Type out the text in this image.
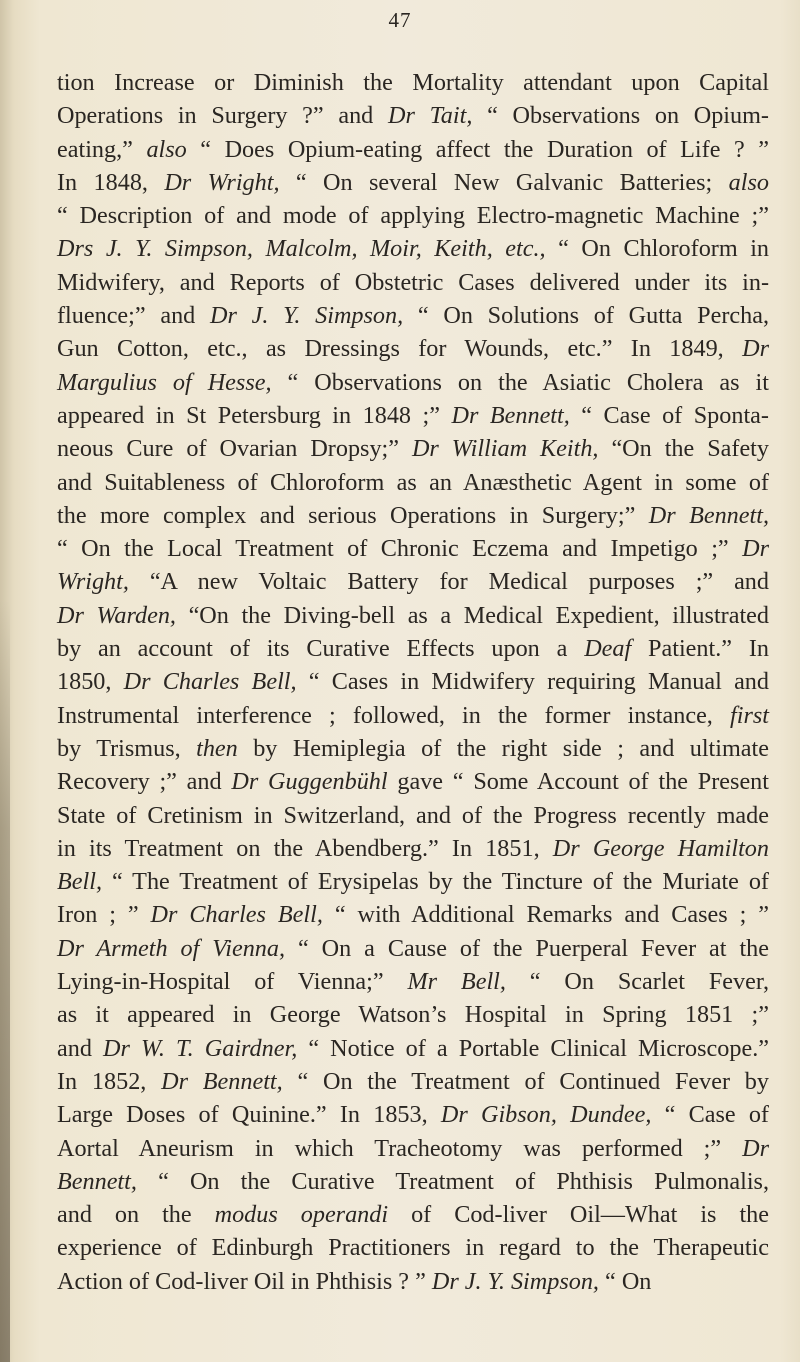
47
tion Increase or Diminish the Mortality attendant upon Capital
Operations in Surgery ?” and Dr Tait, “ Observations on Opium-
eating,” also “ Does Opium-eating affect the Duration of Life ? ”
In 1848, Dr Wright, “ On several New Galvanic Batteries; also
“ Description of and mode of applying Electro-magnetic Machine ;”
Drs J. Y. Simpson, Malcolm, Moir, Keith, etc., “ On Chloroform in
Midwifery, and Reports of Obstetric Cases delivered under its in-
fluence;” and Dr J. Y. Simpson, “ On Solutions of Gutta Percha,
Gun Cotton, etc., as Dressings for Wounds, etc.” In 1849, Dr
Margulius of Hesse, “ Observations on the Asiatic Cholera as it
appeared in St Petersburg in 1848 ;” Dr Bennett, “ Case of Sponta-
neous Cure of Ovarian Dropsy;” Dr William Keith, “On the Safety
and Suitableness of Chloroform as an Anæsthetic Agent in some of
the more complex and serious Operations in Surgery;” Dr Bennett,
“ On the Local Treatment of Chronic Eczema and Impetigo ;” Dr
Wright, “A new Voltaic Battery for Medical purposes ;” and
Dr Warden, “On the Diving-bell as a Medical Expedient, illustrated
by an account of its Curative Effects upon a Deaf Patient.” In
1850, Dr Charles Bell, “ Cases in Midwifery requiring Manual and
Instrumental interference ; followed, in the former instance, first
by Trismus, then by Hemiplegia of the right side ; and ultimate
Recovery ;” and Dr Guggenbühl gave “ Some Account of the Present
State of Cretinism in Switzerland, and of the Progress recently made
in its Treatment on the Abendberg.” In 1851, Dr George Hamilton
Bell, “ The Treatment of Erysipelas by the Tincture of the Muriate of
Iron ; ” Dr Charles Bell, “ with Additional Remarks and Cases ; ”
Dr Armeth of Vienna, “ On a Cause of the Puerperal Fever at the
Lying-in-Hospital of Vienna;” Mr Bell, “ On Scarlet Fever,
as it appeared in George Watson’s Hospital in Spring 1851 ;”
and Dr W. T. Gairdner, “ Notice of a Portable Clinical Microscope.”
In 1852, Dr Bennett, “ On the Treatment of Continued Fever by
Large Doses of Quinine.” In 1853, Dr Gibson, Dundee, “ Case of
Aortal Aneurism in which Tracheotomy was performed ;” Dr
Bennett, “ On the Curative Treatment of Phthisis Pulmonalis,
and on the modus operandi of Cod-liver Oil—What is the
experience of Edinburgh Practitioners in regard to the Therapeutic
Action of Cod-liver Oil in Phthisis ? ” Dr J. Y. Simpson, “ On
